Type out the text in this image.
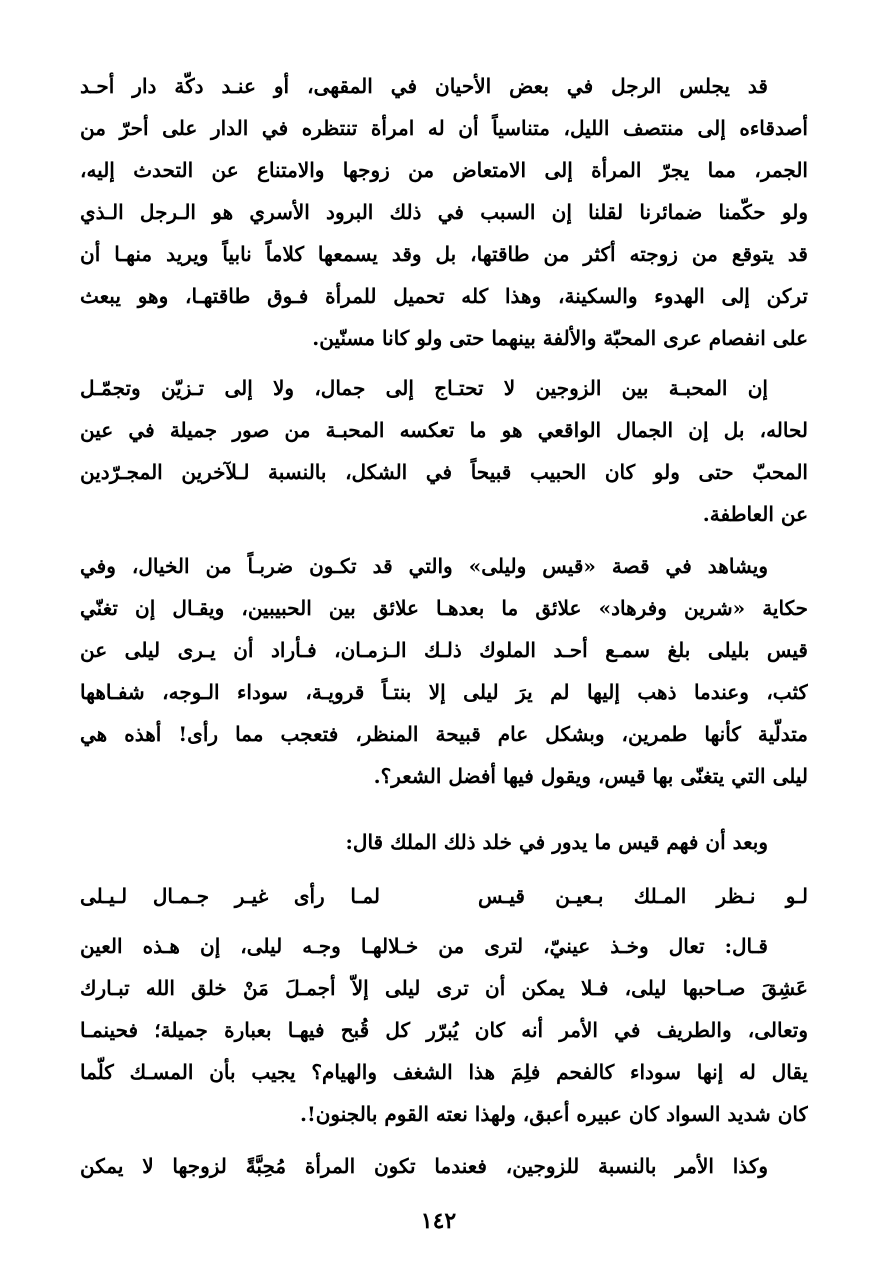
قد يجلس الرجل في بعض الأحيان في المقهى، أو عنـد دكّة دار أحـد
أصدقاءه إلى منتصف الليل، متناسياً أن له امرأة تنتظره في الدار على أحرّ من
الجمر، مما يجرّ المرأة إلى الامتعاض من زوجها والامتناع عن التحدث إليه،
ولو حكّمنا ضمائرنا لقلنا إن السبب في ذلك البرود الأسري هو الـرجل الـذي
قد يتوقع من زوجته أكثر من طاقتها، بل وقد يسمعها كلاماً نابياً ويريد منهـا أن
تركن إلى الهدوء والسكينة، وهذا كله تحميل للمرأة فـوق طاقتهـا، وهو يبعث
على انفصام عرى المحبّة والألفة بينهما حتى ولو كانا مسنّين.
إن المحبـة بين الزوجين لا تحتـاج إلى جمال، ولا إلى تـزيّن وتجمّـل
لحاله، بل إن الجمال الواقعي هو ما تعكسه المحبـة من صور جميلة في عين
المحبّ حتى ولو كان الحبيب قبيحاً في الشكل، بالنسبة لـلآخرين المجـرّدين
عن العاطفة.
ويشاهد في قصة «قيس وليلى» والتي قد تكـون ضربـاً من الخيال، وفي
حكاية «شرين وفرهاد» علائق ما بعدهـا علائق بين الحبيبين، ويقـال إن تغنّي
قيس بليلى بلغ سمـع أحـد الملوك ذلـك الـزمـان، فـأراد أن يـرى ليلى عن
كثب، وعندما ذهب إليها لم يرَ ليلى إلا بنتـاً قرويـة، سوداء الـوجه، شفـاهها
متدلّية كأنها طمرين، وبشكل عام قبيحة المنظر، فتعجب مما رأى! أهذه هي
ليلى التي يتغنّى بها قيس، ويقول فيها أفضل الشعر؟.
وبعد أن فهم قيس ما يدور في خلد ذلك الملك قال:
لـو نـظر المـلك بـعيـن قيـس
لمـا رأى غيـر جـمـال لـيـلى
قـال: تعال وخـذ عينيّ، لترى من خـلالهـا وجـه ليلى، إن هـذه العين
عَشِقَ صـاحبها ليلى، فـلا يمكن أن ترى ليلى إلاّ أجمـلَ مَنْ خلق الله تبـارك
وتعالى، والطريف في الأمر أنه كان يُبرّر كل قُبح فيهـا بعبارة جميلة؛ فحينمـا
يقال له إنها سوداء كالفحم فلِمَ هذا الشغف والهيام؟ يجيب بأن المسـك كلّما
كان شديد السواد كان عبيره أعبق، ولهذا نعته القوم بالجنون!.
وكذا الأمر بالنسبة للزوجين، فعندما تكون المرأة مُحِبَّةً لزوجها لا يمكن
١٤٢
